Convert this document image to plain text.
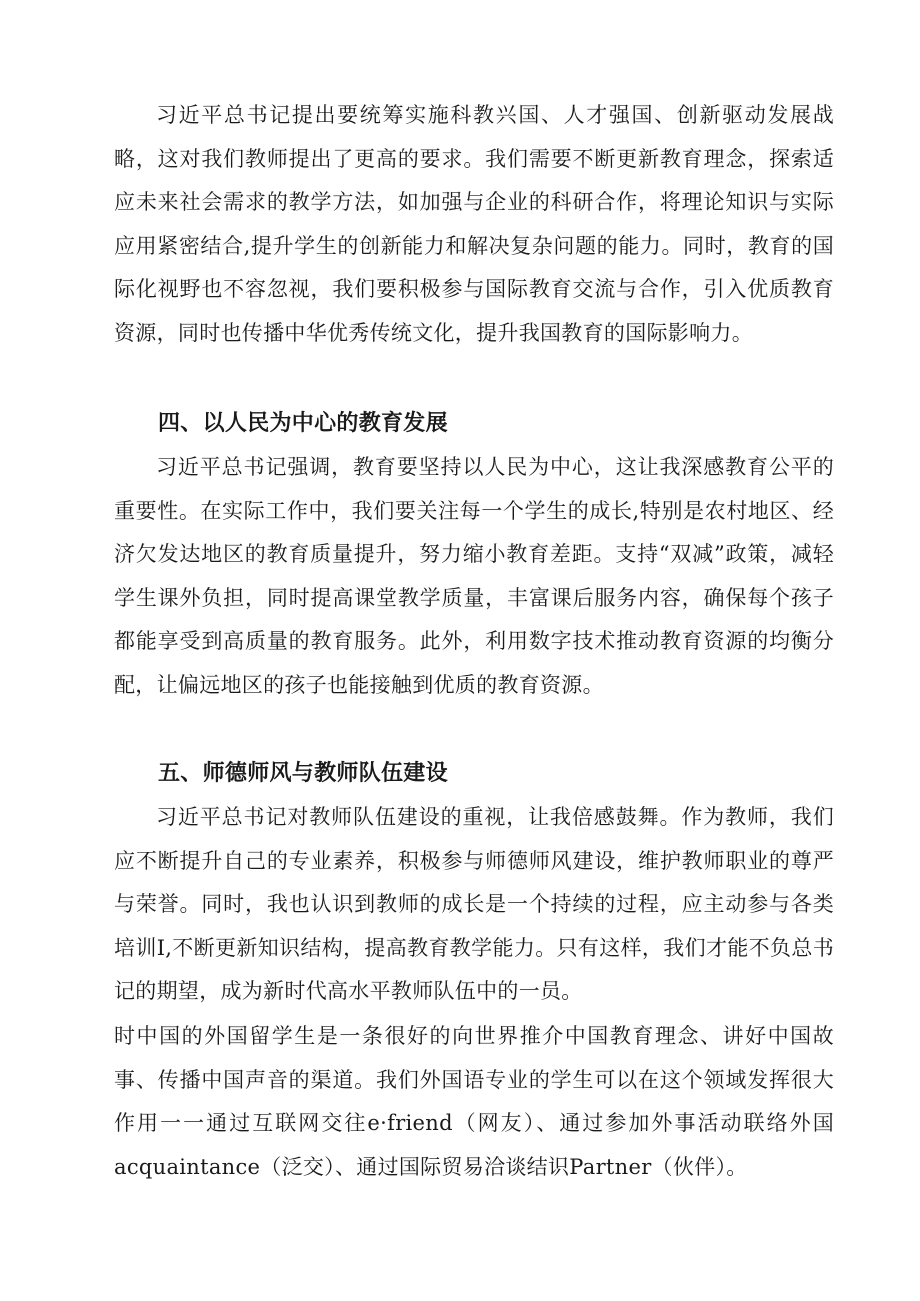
习近平总书记提出要统筹实施科教兴国、人才强国、创新驱动发展战略，这对我们教师提出了更高的要求。我们需要不断更新教育理念，探索适应未来社会需求的教学方法，如加强与企业的科研合作，将理论知识与实际应用紧密结合,提升学生的创新能力和解决复杂问题的能力。同时，教育的国际化视野也不容忽视，我们要积极参与国际教育交流与合作，引入优质教育资源，同时也传播中华优秀传统文化，提升我国教育的国际影响力。

四、以人民为中心的教育发展

习近平总书记强调，教育要坚持以人民为中心，这让我深感教育公平的重要性。在实际工作中，我们要关注每一个学生的成长,特别是农村地区、经济欠发达地区的教育质量提升，努力缩小教育差距。支持“双减”政策，减轻学生课外负担，同时提高课堂教学质量，丰富课后服务内容，确保每个孩子都能享受到高质量的教育服务。此外，利用数字技术推动教育资源的均衡分配，让偏远地区的孩子也能接触到优质的教育资源。

五、师德师风与教师队伍建设

习近平总书记对教师队伍建设的重视，让我倍感鼓舞。作为教师，我们应不断提升自己的专业素养，积极参与师德师风建设，维护教师职业的尊严与荣誉。同时，我也认识到教师的成长是一个持续的过程，应主动参与各类培训I,不断更新知识结构，提高教育教学能力。只有这样，我们才能不负总书记的期望，成为新时代高水平教师队伍中的一员。

时中国的外国留学生是一条很好的向世界推介中国教育理念、讲好中国故事、传播中国声音的渠道。我们外国语专业的学生可以在这个领域发挥很大作用一一通过互联网交往e·friend（网友）、通过参加外事活动联络外国acquaintance（泛交）、通过国际贸易洽谈结识Partner（伙伴）。
